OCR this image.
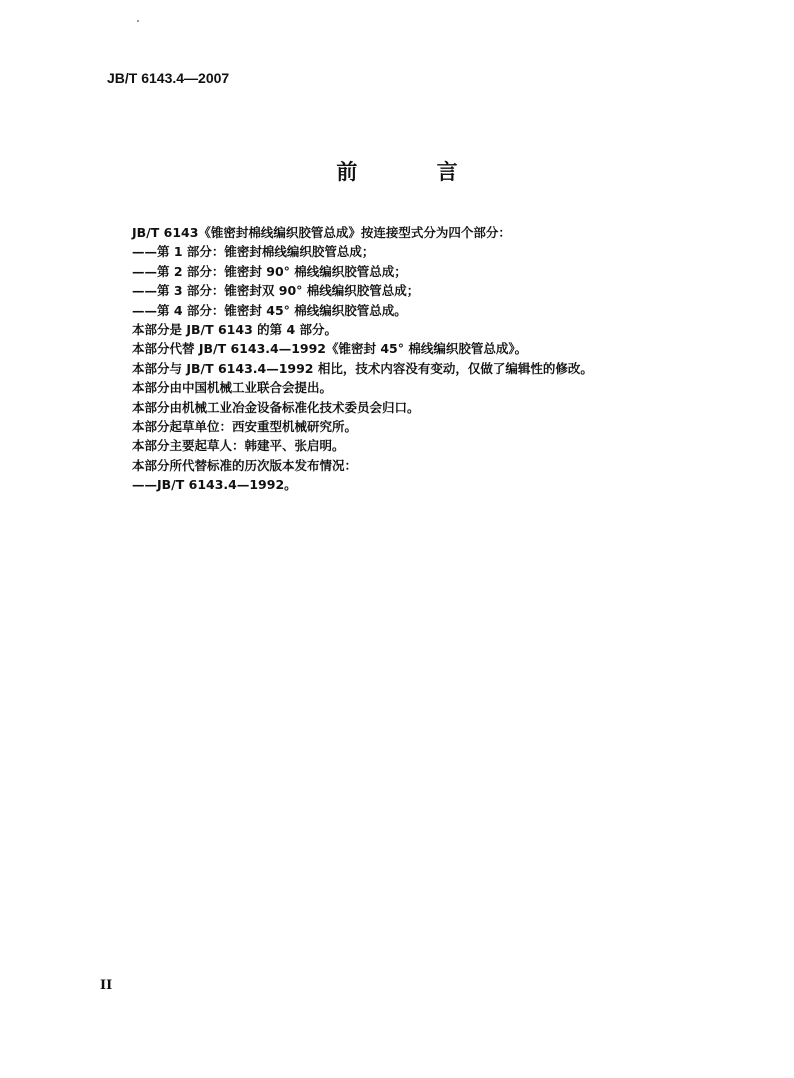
JB/T 6143.4—2007
前 言
JB/T 6143《锥密封棉线编织胶管总成》按连接型式分为四个部分：
——第 1 部分：锥密封棉线编织胶管总成；
——第 2 部分：锥密封 90° 棉线编织胶管总成；
——第 3 部分：锥密封双 90° 棉线编织胶管总成；
——第 4 部分：锥密封 45° 棉线编织胶管总成。
本部分是 JB/T 6143 的第 4 部分。
本部分代替 JB/T 6143.4—1992《锥密封 45° 棉线编织胶管总成》。
本部分与 JB/T 6143.4—1992 相比，技术内容没有变动，仅做了编辑性的修改。
本部分由中国机械工业联合会提出。
本部分由机械工业冶金设备标准化技术委员会归口。
本部分起草单位：西安重型机械研究所。
本部分主要起草人：韩建平、张启明。
本部分所代替标准的历次版本发布情况：
——JB/T 6143.4—1992。
II
